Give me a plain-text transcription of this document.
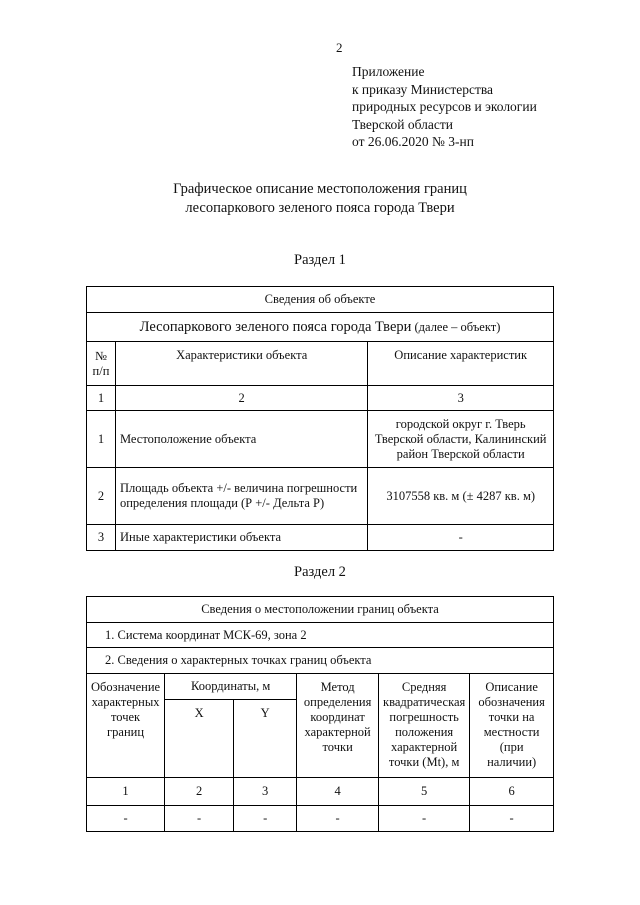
2
Приложение
к приказу Министерства
природных ресурсов и экологии
Тверской области
от 26.06.2020 № 3-нп
Графическое описание местоположения границ
лесопаркового зеленого пояса города Твери
Раздел 1
Сведения об объекте		
Лесопаркового зеленого пояса города Твери (далее – объект)		
№ п/п	Характеристики объекта	Описание характеристик
1	2	3
1	Местоположение объекта	городской округ г. Тверь Тверской области, Калининский район Тверской области
2	Площадь объекта +/- величина погрешности определения площади (Р +/- Дельта Р)	3107558 кв. м (± 4287 кв. м)
3	Иные характеристики объекта	-
Раздел 2
Сведения о местоположении границ объекта					
1. Система координат МСК-69, зона 2					
2. Сведения о характерных точках границ объекта					
Обозначение характерных точек границ	Координаты, м		Метод определения координат характерной точки	Средняя квадратическая погрешность положения характерной точки (Mt), м	Описание обозначения точки на местности (при наличии)
	X	Y			
1	2	3	4	5	6
-	-	-	-	-	-
